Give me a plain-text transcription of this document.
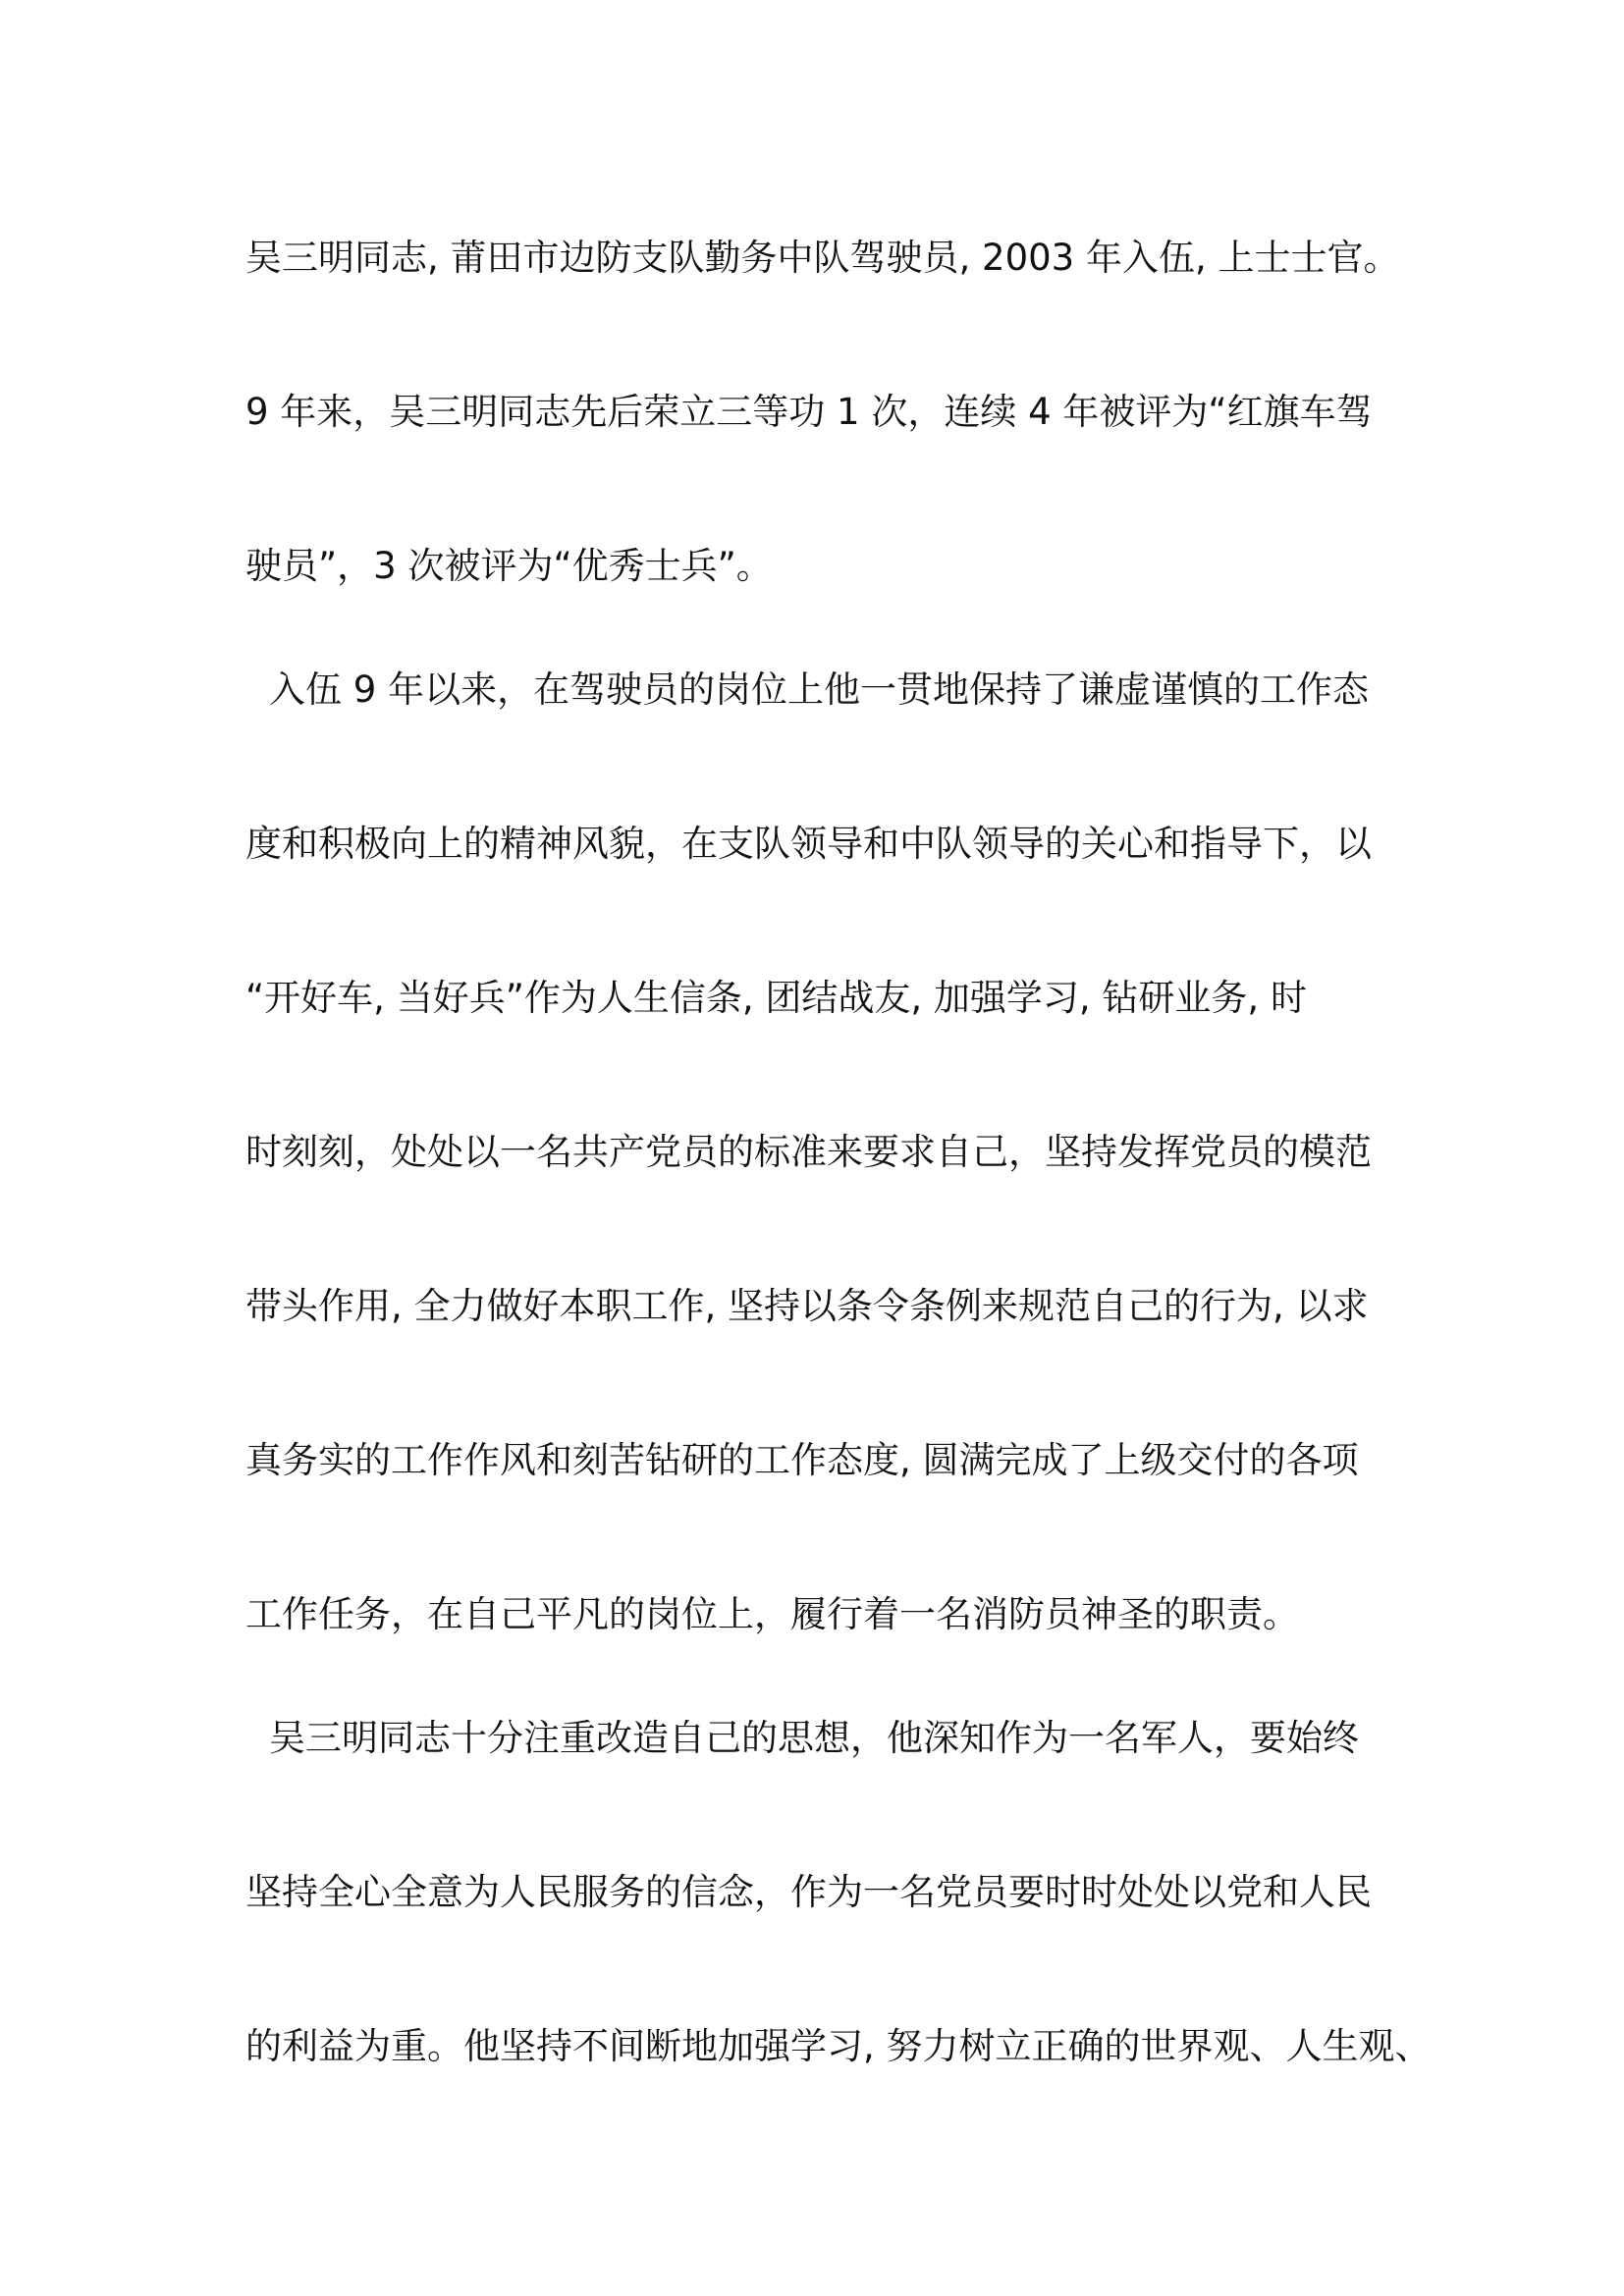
吴三明同志, 莆田市边防支队勤务中队驾驶员, 2003 年入伍, 上士士官。
9 年来，吴三明同志先后荣立三等功 1 次，连续 4 年被评为“红旗车驾
驶员”，3 次被评为“优秀士兵”。
入伍 9 年以来，在驾驶员的岗位上他一贯地保持了谦虚谨慎的工作态
度和积极向上的精神风貌，在支队领导和中队领导的关心和指导下，以
“开好车, 当好兵”作为人生信条, 团结战友, 加强学习, 钻研业务, 时
时刻刻，处处以一名共产党员的标准来要求自己，坚持发挥党员的模范
带头作用, 全力做好本职工作, 坚持以条令条例来规范自己的行为, 以求
真务实的工作作风和刻苦钻研的工作态度, 圆满完成了上级交付的各项
工作任务，在自己平凡的岗位上，履行着一名消防员神圣的职责。
吴三明同志十分注重改造自己的思想，他深知作为一名军人，要始终
坚持全心全意为人民服务的信念，作为一名党员要时时处处以党和人民
的利益为重。他坚持不间断地加强学习, 努力树立正确的世界观、人生观、
